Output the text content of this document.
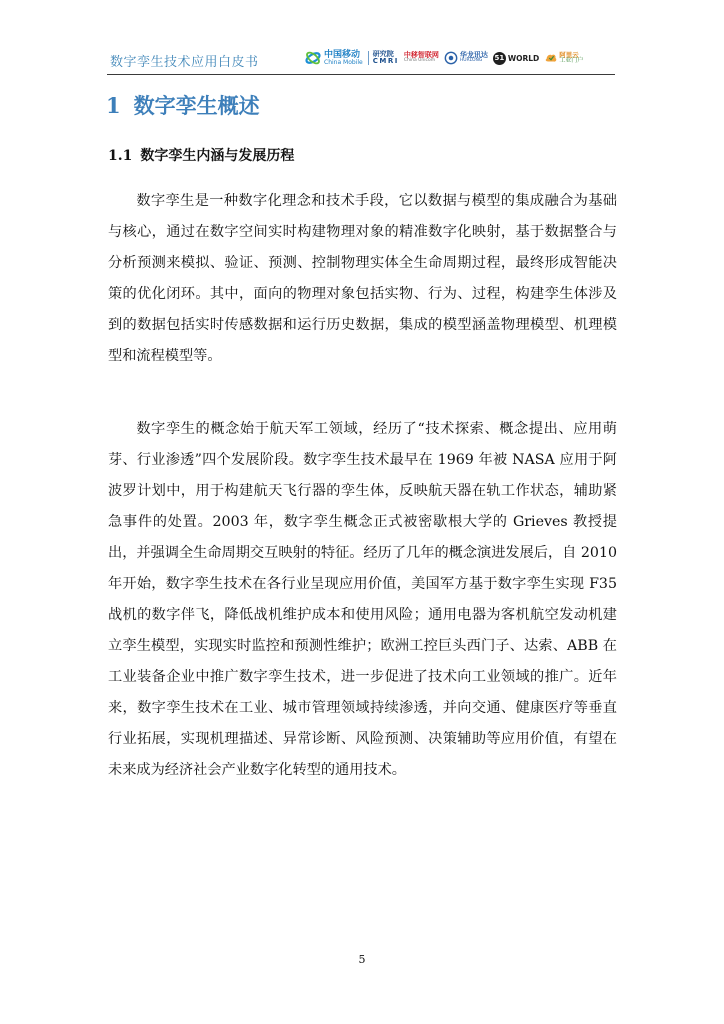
数字孪生技术应用白皮书
中国移动
China Mobile
研究院
CMRI
中移智联网
China Unicom
华龙讯达
HURLONG	51 WORLD	阿里云
工业门户
1 数字孪生概述
1.1 数字孪生内涵与发展历程

数字孪生是一种数字化理念和技术手段，它以数据与模型的集成融合为基础与核心，通过在数字空间实时构建物理对象的精准数字化映射，基于数据整合与分析预测来模拟、验证、预测、控制物理实体全生命周期过程，最终形成智能决策的优化闭环。其中，面向的物理对象包括实物、行为、过程，构建孪生体涉及到的数据包括实时传感数据和运行历史数据，集成的模型涵盖物理模型、机理模型和流程模型等。

数字孪生的概念始于航天军工领域，经历了“技术探索、概念提出、应用萌芽、行业渗透”四个发展阶段。数字孪生技术最早在 1969 年被 NASA 应用于阿波罗计划中，用于构建航天飞行器的孪生体，反映航天器在轨工作状态，辅助紧急事件的处置。2003 年，数字孪生概念正式被密歇根大学的 Grieves 教授提出，并强调全生命周期交互映射的特征。经历了几年的概念演进发展后，自 2010 年开始，数字孪生技术在各行业呈现应用价值，美国军方基于数字孪生实现 F35 战机的数字伴飞，降低战机维护成本和使用风险；通用电器为客机航空发动机建立孪生模型，实现实时监控和预测性维护；欧洲工控巨头西门子、达索、ABB 在工业装备企业中推广数字孪生技术，进一步促进了技术向工业领域的推广。近年来，数字孪生技术在工业、城市管理领域持续渗透，并向交通、健康医疗等垂直行业拓展，实现机理描述、异常诊断、风险预测、决策辅助等应用价值，有望在未来成为经济社会产业数字化转型的通用技术。

5
